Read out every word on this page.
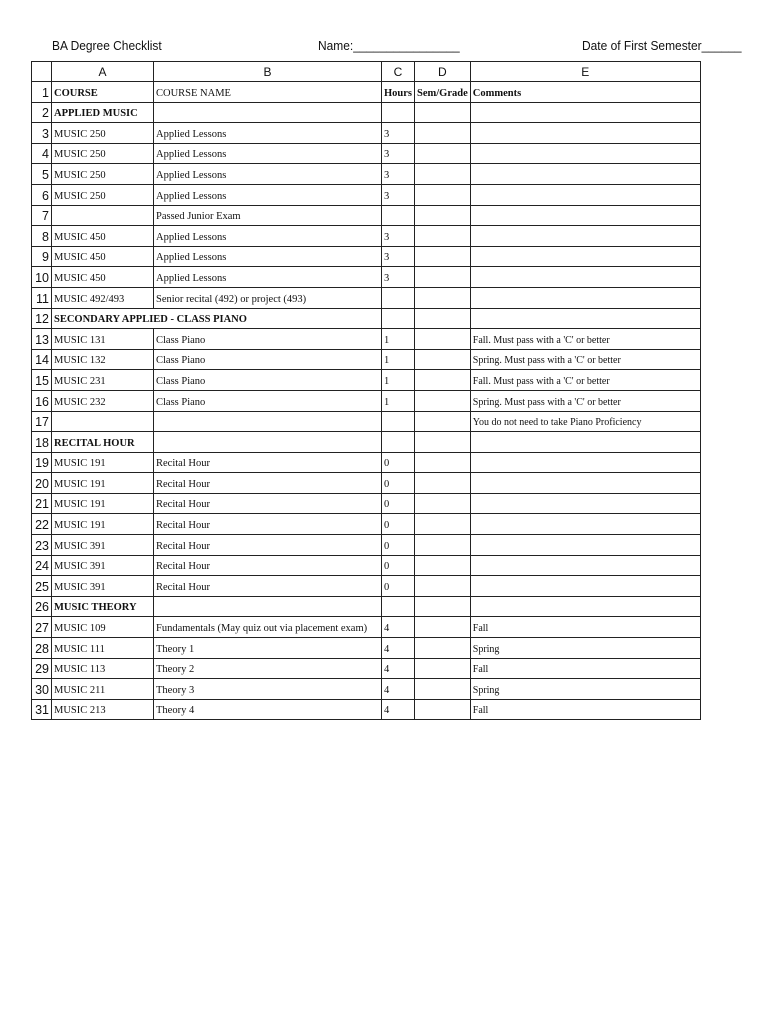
BA Degree Checklist	Name:________________	Date of First Semester______
	A	B	C	D	E
1	COURSE	COURSE NAME	Hours	Sem/Grade	Comments
2	APPLIED MUSIC				
3	MUSIC 250	Applied Lessons	3		
4	MUSIC 250	Applied Lessons	3		
5	MUSIC 250	Applied Lessons	3		
6	MUSIC 250	Applied Lessons	3		
7		Passed Junior Exam			
8	MUSIC 450	Applied Lessons	3		
9	MUSIC 450	Applied Lessons	3		
10	MUSIC 450	Applied Lessons	3		
11	MUSIC 492/493	Senior recital (492) or project (493)			
12	SECONDARY APPLIED - CLASS PIANO				
13	MUSIC 131	Class Piano	1		Fall. Must pass with a 'C' or better
14	MUSIC 132	Class Piano	1		Spring. Must pass with a 'C' or better
15	MUSIC 231	Class Piano	1		Fall. Must pass with a 'C' or better
16	MUSIC 232	Class Piano	1		Spring. Must pass with a 'C' or better
17					You do not need to take Piano Proficiency
18	RECITAL HOUR				
19	MUSIC 191	Recital Hour	0		
20	MUSIC 191	Recital Hour	0		
21	MUSIC 191	Recital Hour	0		
22	MUSIC 191	Recital Hour	0		
23	MUSIC 391	Recital Hour	0		
24	MUSIC 391	Recital Hour	0		
25	MUSIC 391	Recital Hour	0		
26	MUSIC THEORY				
27	MUSIC 109	Fundamentals (May quiz out via placement exam)	4		Fall
28	MUSIC 111	Theory 1	4		Spring
29	MUSIC 113	Theory 2	4		Fall
30	MUSIC 211	Theory 3	4		Spring
31	MUSIC 213	Theory 4	4		Fall
